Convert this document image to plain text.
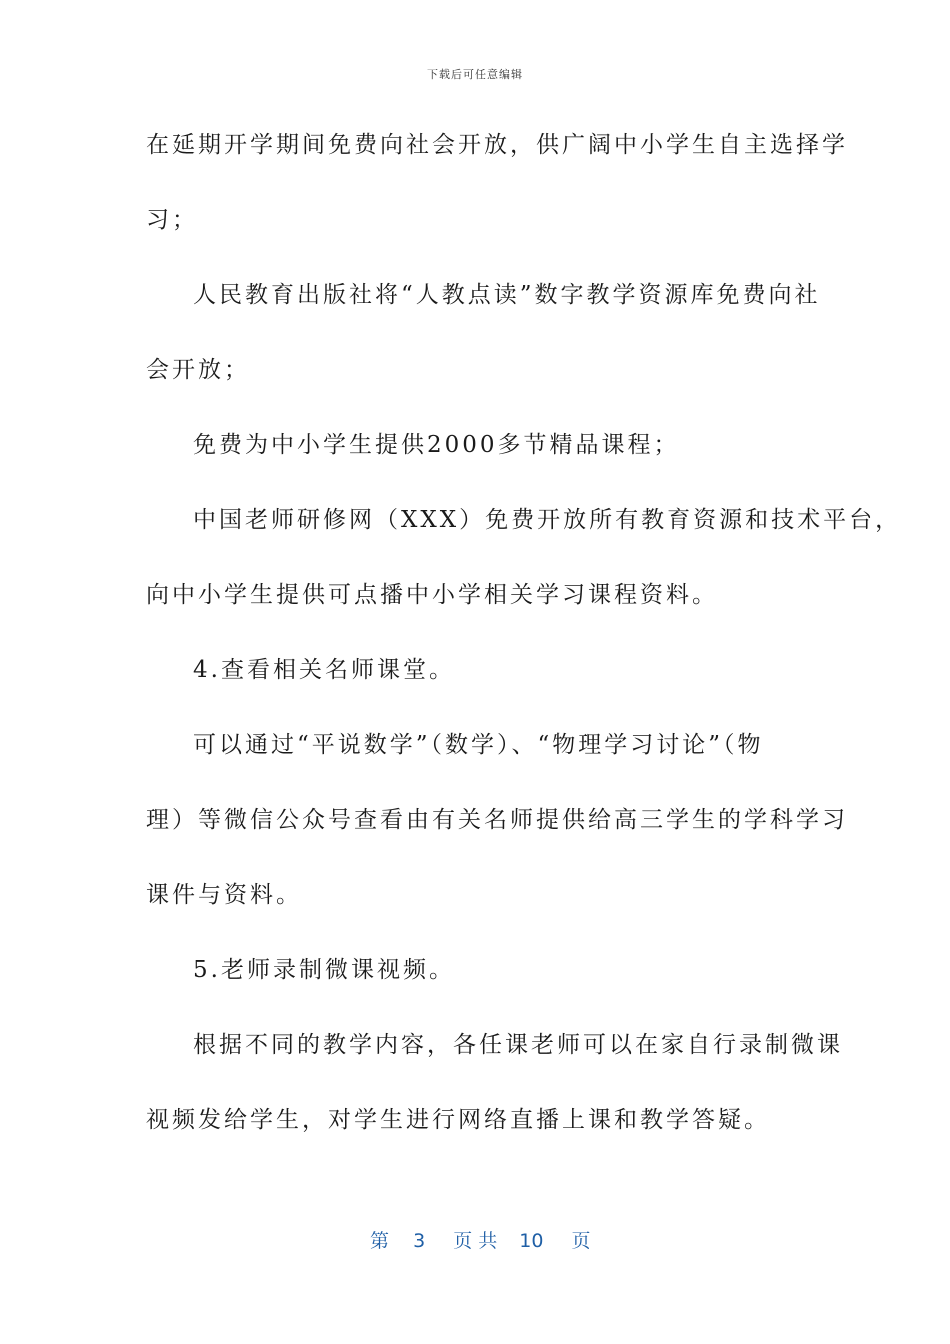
下载后可任意编辑
在延期开学期间免费向社会开放，供广阔中小学生自主选择学
习；
人民教育出版社将“人教点读”数字教学资源库免费向社
会开放；
免费为中小学生提供2000多节精品课程；
中国老师研修网（XXX）免费开放所有教育资源和技术平台，
向中小学生提供可点播中小学相关学习课程资料。
4.查看相关名师课堂。
可以通过“平说数学”（数学）、“物理学习讨论”（物
理）等微信公众号查看由有关名师提供给高三学生的学科学习
课件与资料。
5.老师录制微课视频。
根据不同的教学内容，各任课老师可以在家自行录制微课
视频发给学生，对学生进行网络直播上课和教学答疑。
第 3 页 共 10 页
